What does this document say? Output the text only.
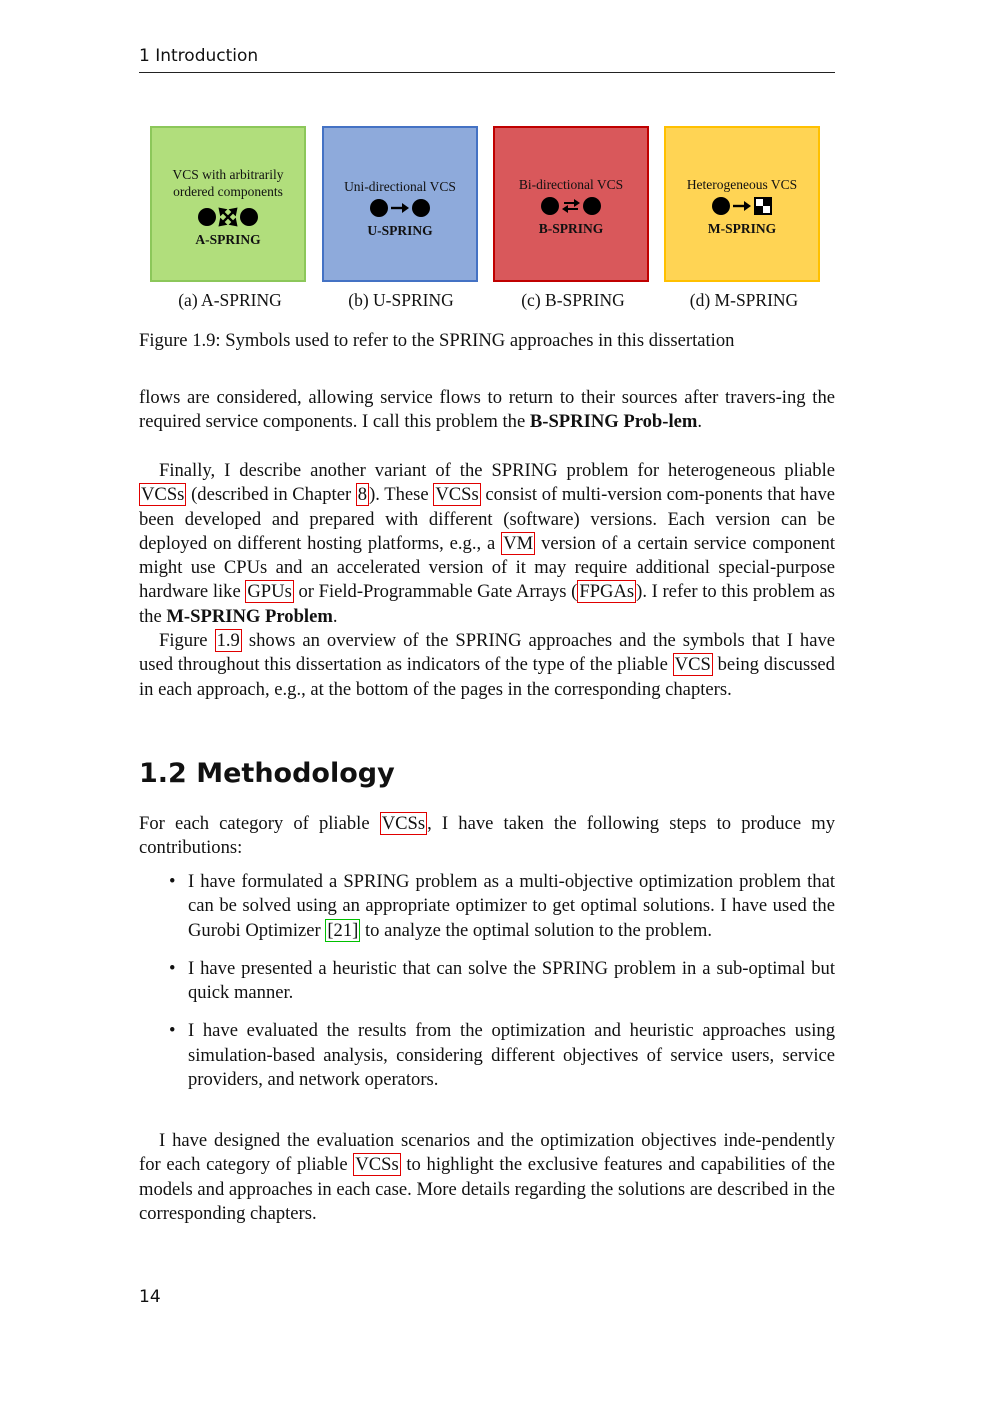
1 Introduction
VCS with arbitrarily
ordered components
A-SPRING
Uni-directional VCS
U-SPRING
Bi-directional VCS
B-SPRING
Heterogeneous VCS
M-SPRING
(a) A-SPRING	(b) U-SPRING	(c) B-SPRING	(d) M-SPRING
Figure 1.9: Symbols used to refer to the SPRING approaches in this dissertation
flows are considered, allowing service flows to return to their sources after travers-ing the required service components. I call this problem the B-SPRING Prob-lem.
Finally, I describe another variant of the SPRING problem for heterogeneous pliable VCSs (described in Chapter 8 ). These VCSs consist of multi-version com-ponents that have been developed and prepared with different (software) versions. Each version can be deployed on different hosting platforms, e.g., a VM version of a certain service component might use CPUs and an accelerated version of it may require additional special-purpose hardware like GPUs or Field-Programmable Gate Arrays ( FPGAs ). I refer to this problem as the M-SPRING Problem.
Figure 1.9 shows an overview of the SPRING approaches and the symbols that I have used throughout this dissertation as indicators of the type of the pliable VCS being discussed in each approach, e.g., at the bottom of the pages in the corresponding chapters.
1.2 Methodology
For each category of pliable VCSs , I have taken the following steps to produce my contributions:
• I have formulated a SPRING problem as a multi-objective optimization problem that can be solved using an appropriate optimizer to get optimal solutions. I have used the Gurobi Optimizer [21] to analyze the optimal solution to the problem.
• I have presented a heuristic that can solve the SPRING problem in a sub-optimal but quick manner.
• I have evaluated the results from the optimization and heuristic approaches using simulation-based analysis, considering different objectives of service users, service providers, and network operators.
I have designed the evaluation scenarios and the optimization objectives inde-pendently for each category of pliable VCSs to highlight the exclusive features and capabilities of the models and approaches in each case. More details regarding the solutions are described in the corresponding chapters.
14
